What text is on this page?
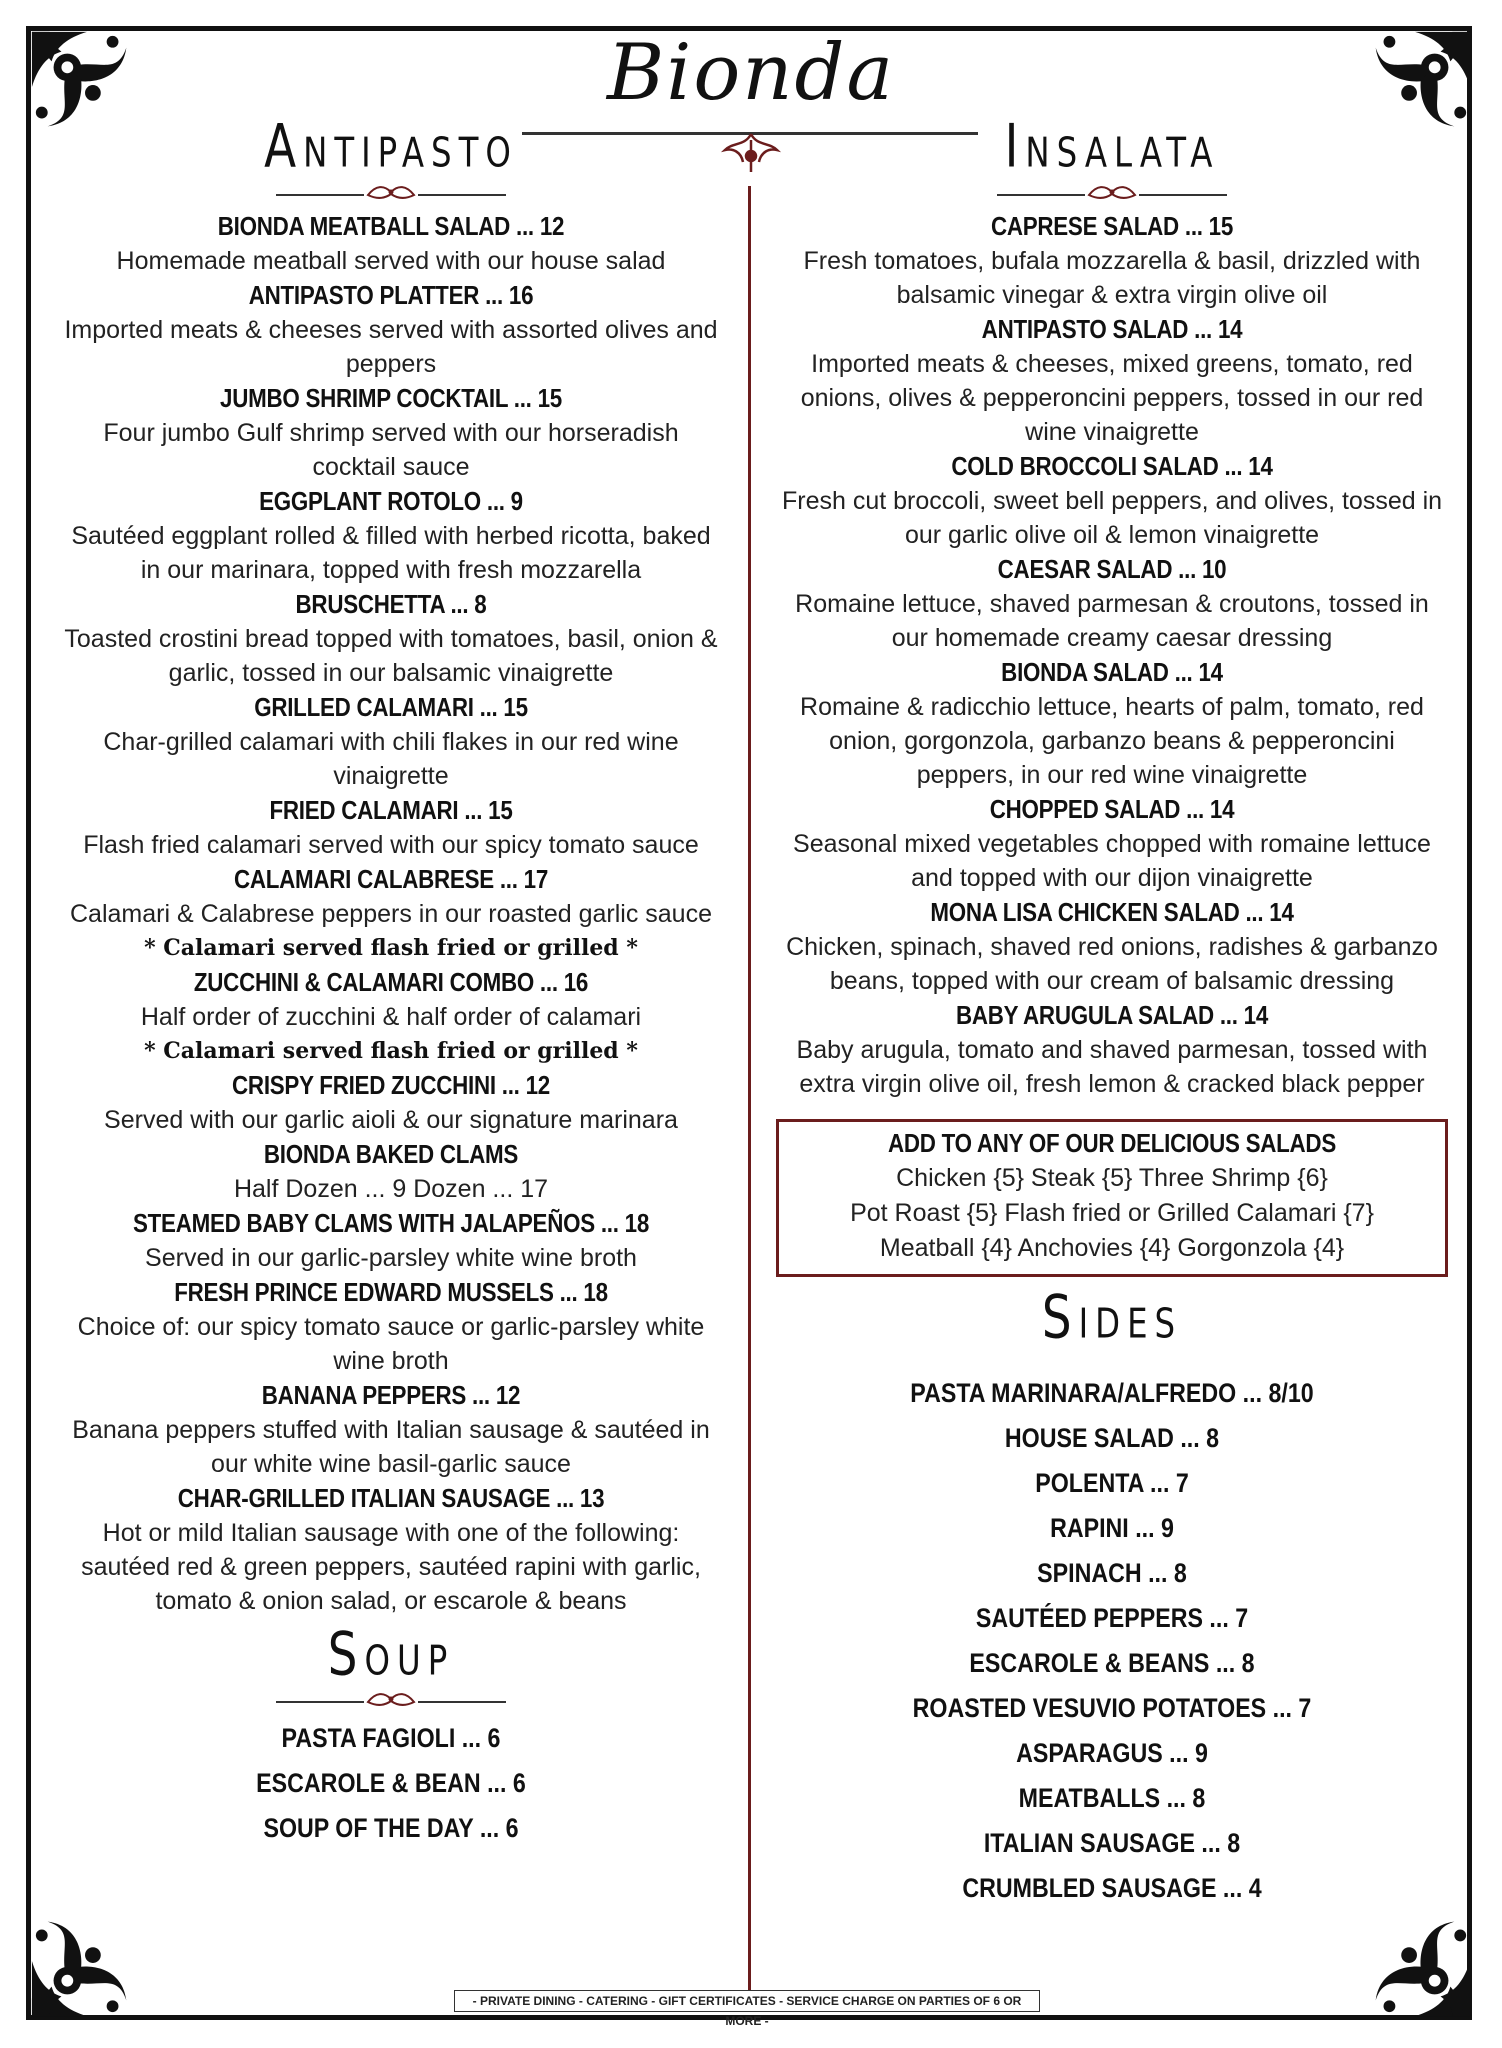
Bionda
Antipasto
BIONDA MEATBALL SALAD ... 12
Homemade meatball served with our house salad
ANTIPASTO PLATTER ... 16
Imported meats & cheeses served with assorted olives and peppers
JUMBO SHRIMP COCKTAIL ... 15
Four jumbo Gulf shrimp served with our horseradish cocktail sauce
EGGPLANT ROTOLO ... 9
Sautéed eggplant rolled & filled with herbed ricotta, baked in our marinara, topped with fresh mozzarella
BRUSCHETTA ... 8
Toasted crostini bread topped with tomatoes, basil, onion & garlic, tossed in our balsamic vinaigrette
GRILLED CALAMARI ... 15
Char-grilled calamari with chili flakes in our red wine vinaigrette
FRIED CALAMARI ... 15
Flash fried calamari served with our spicy tomato sauce
CALAMARI CALABRESE ... 17
Calamari & Calabrese peppers in our roasted garlic sauce
* Calamari served flash fried or grilled *
ZUCCHINI & CALAMARI COMBO ... 16
Half order of zucchini & half order of calamari
* Calamari served flash fried or grilled *
CRISPY FRIED ZUCCHINI ... 12
Served with our garlic aioli & our signature marinara
BIONDA BAKED CLAMS
Half Dozen ... 9 Dozen ... 17
STEAMED BABY CLAMS WITH JALAPEÑOS ... 18
Served in our garlic-parsley white wine broth
FRESH PRINCE EDWARD MUSSELS ... 18
Choice of: our spicy tomato sauce or garlic-parsley white wine broth
BANANA PEPPERS ... 12
Banana peppers stuffed with Italian sausage & sautéed in our white wine basil-garlic sauce
CHAR-GRILLED ITALIAN SAUSAGE ... 13
Hot or mild Italian sausage with one of the following: sautéed red & green peppers, sautéed rapini with garlic, tomato & onion salad, or escarole & beans
Soup
PASTA FAGIOLI ... 6
ESCAROLE & BEAN ... 6
SOUP OF THE DAY ... 6
Insalata
CAPRESE SALAD ... 15
Fresh tomatoes, bufala mozzarella & basil, drizzled with balsamic vinegar & extra virgin olive oil
ANTIPASTO SALAD ... 14
Imported meats & cheeses, mixed greens, tomato, red onions, olives & pepperoncini peppers, tossed in our red wine vinaigrette
COLD BROCCOLI SALAD ... 14
Fresh cut broccoli, sweet bell peppers, and olives, tossed in our garlic olive oil & lemon vinaigrette
CAESAR SALAD ... 10
Romaine lettuce, shaved parmesan & croutons, tossed in our homemade creamy caesar dressing
BIONDA SALAD ... 14
Romaine & radicchio lettuce, hearts of palm, tomato, red onion, gorgonzola, garbanzo beans & pepperoncini peppers, in our red wine vinaigrette
CHOPPED SALAD ... 14
Seasonal mixed vegetables chopped with romaine lettuce and topped with our dijon vinaigrette
MONA LISA CHICKEN SALAD ... 14
Chicken, spinach, shaved red onions, radishes & garbanzo beans, topped with our cream of balsamic dressing
BABY ARUGULA SALAD ... 14
Baby arugula, tomato and shaved parmesan, tossed with extra virgin olive oil, fresh lemon & cracked black pepper
ADD TO ANY OF OUR DELICIOUS SALADS
Chicken {5} Steak {5} Three Shrimp {6}
Pot Roast {5} Flash fried or Grilled Calamari {7}
Meatball {4} Anchovies {4} Gorgonzola {4}
Sides
PASTA MARINARA/ALFREDO ... 8/10
HOUSE SALAD ... 8
POLENTA ... 7
RAPINI ... 9
SPINACH ... 8
SAUTÉED PEPPERS ... 7
ESCAROLE & BEANS ... 8
ROASTED VESUVIO POTATOES ... 7
ASPARAGUS ... 9
MEATBALLS ... 8
ITALIAN SAUSAGE ... 8
CRUMBLED SAUSAGE ... 4
- PRIVATE DINING - CATERING - GIFT CERTIFICATES - SERVICE CHARGE ON PARTIES OF 6 OR MORE -
